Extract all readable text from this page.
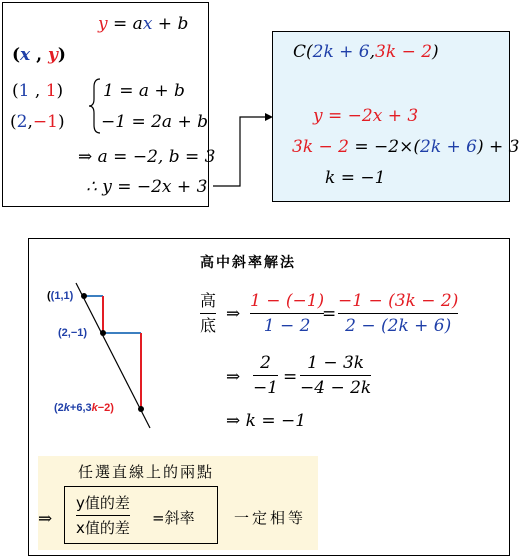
y = ax + b
(x , y)
(1 , 1)
(2,−1)
1 = a + b
−1 = 2a + b
⇒ a = −2, b = 3
∴ y = −2x + 3
C(2k + 6,3k − 2)
y = −2x + 3
3k − 2 = −2×(2k + 6) + 3
k = −1
高中斜率解法
((1,1)
(2,−1)
(2k+6,3k−2)
高
底
⇒
1 − (−1)
1 − 2
=
−1 − (3k − 2)
2 − (2k + 6)
⇒
2
−1
=
1 − 3k
−4 − 2k
⇒ k = −1
任選直線上的兩點
⇒
y值的差
x值的差
=斜率	一定相等
